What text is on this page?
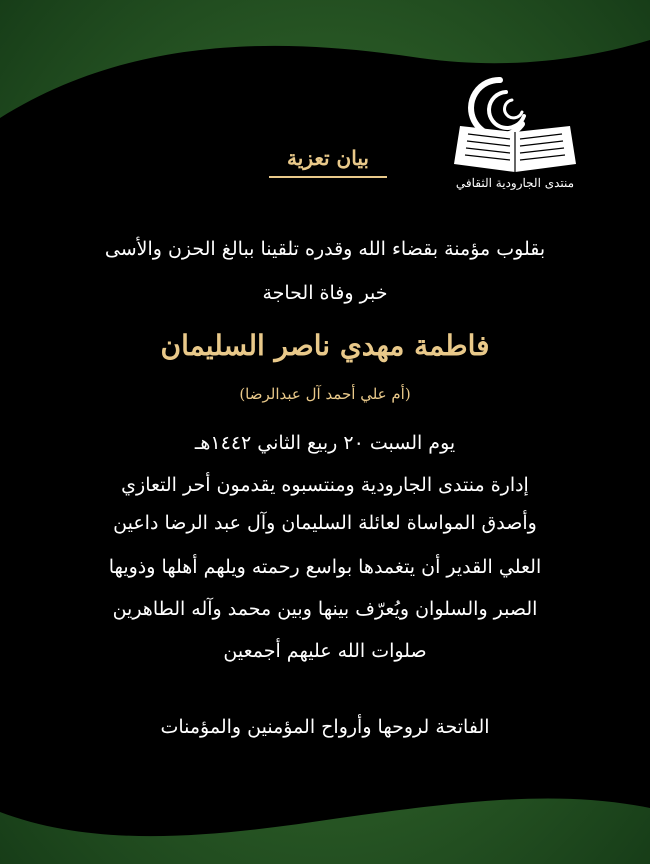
منتدى الجارودية الثقافي
بيان تعزية
بقلوب مؤمنة بقضاء الله وقدره تلقينا ببالغ الحزن والأسى
خبر وفاة الحاجة
فاطمة مهدي ناصر السليمان
(أم علي أحمد آل عبدالرضا)
يوم السبت ٢٠ ربيع الثاني ١٤٤٢هـ
إدارة منتدى الجارودية ومنتسبوه يقدمون أحر التعازي
وأصدق المواساة لعائلة السليمان وآل عبد الرضا داعين
العلي القدير أن يتغمدها بواسع رحمته ويلهم أهلها وذويها
الصبر والسلوان ويُعرّف بينها وبين محمد وآله الطاهرين
صلوات الله عليهم أجمعين
الفاتحة لروحها وأرواح المؤمنين والمؤمنات
